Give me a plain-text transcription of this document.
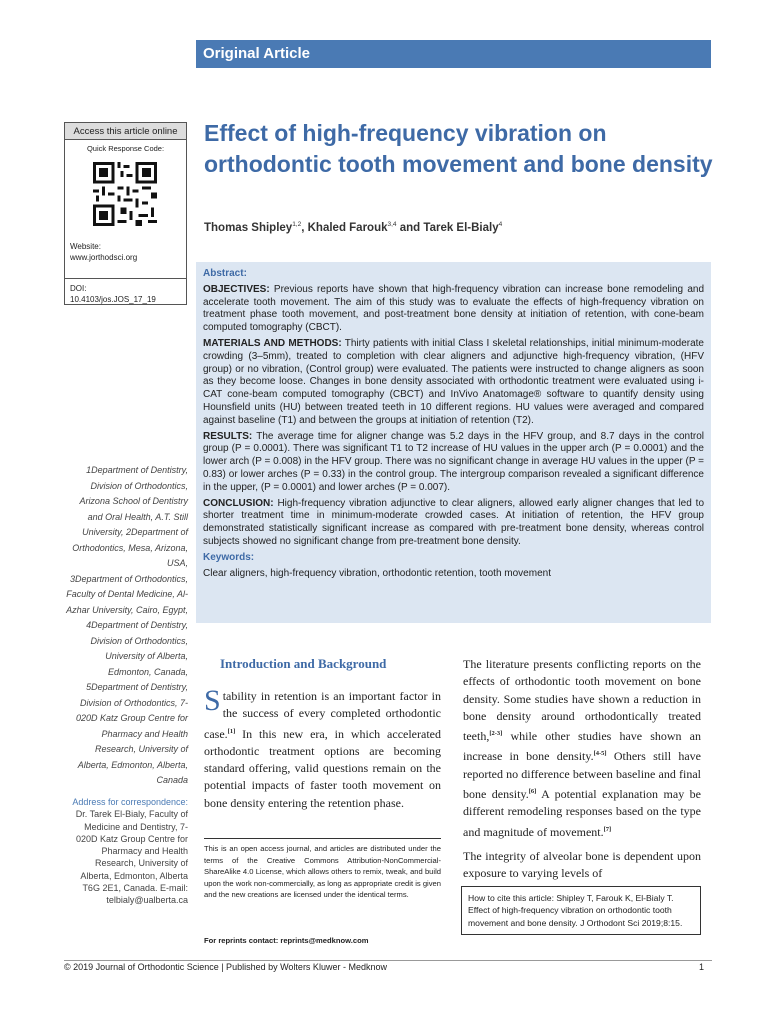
Original Article
Access this article online
Quick Response Code:
Website:
www.jorthodsci.org
DOI:
10.4103/jos.JOS_17_19
Effect of high-frequency vibration on orthodontic tooth movement and bone density
Thomas Shipley$^{1,2}$, Khaled Farouk$^{3,4}$ and Tarek El-Bialy$^4$

Abstract:

OBJECTIVES: Previous reports have shown that high-frequency vibration can increase bone remodeling and accelerate tooth movement. The aim of this study was to evaluate the effects of high-frequency vibration on treatment phase tooth movement, and post-treatment bone density at initiation of retention, with cone-beam computed tomography (CBCT).

MATERIALS AND METHODS: Thirty patients with initial Class I skeletal relationships, initial minimum-moderate crowding (3–5mm), treated to completion with clear aligners and adjunctive high-frequency vibration, (HFV group) or no vibration, (Control group) were evaluated. The patients were instructed to change aligners as soon as they become loose. Changes in bone density associated with orthodontic treatment were evaluated using i-CAT cone-beam computed tomography (CBCT) and InVivo Anatomage® software to quantify density using Hounsfield units (HU) between treated teeth in 10 different regions. HU values were averaged and compared against baseline (T1) and between the groups at initiation of retention (T2).

RESULTS: The average time for aligner change was 5.2 days in the HFV group, and 8.7 days in the control group (P = 0.0001). There was significant T1 to T2 increase of HU values in the upper arch (P = 0.0001) and the lower arch (P = 0.008) in the HFV group. There was no significant change in average HU values in the upper (P = 0.83) or lower arches (P = 0.33) in the control group. The intergroup comparison revealed a significant difference in the upper, (P = 0.0001) and lower arches (P = 0.007).

CONCLUSION: High-frequency vibration adjunctive to clear aligners, allowed early aligner changes that led to shorter treatment time in minimum-moderate crowded cases. At initiation of retention, the HFV group demonstrated statistically significant increase as compared with pre-treatment bone density, whereas control subjects showed no significant change from pre-treatment bone density.

Keywords:

Clear aligners, high-frequency vibration, orthodontic retention, tooth movement

1Department of Dentistry, Division of Orthodontics, Arizona School of Dentistry and Oral Health, A.T. Still University, 2Department of Orthodontics, Mesa, Arizona, USA,
3Department of Orthodontics, Faculty of Dental Medicine, Al-Azhar University, Cairo, Egypt,
4Department of Dentistry, Division of Orthodontics, University of Alberta, Edmonton, Canada,
5Department of Dentistry, Division of Orthodontics, 7-020D Katz Group Centre for Pharmacy and Health Research, University of Alberta, Edmonton, Alberta, Canada
Address for correspondence:
Dr. Tarek El-Bialy, Faculty of Medicine and Dentistry, 7-020D Katz Group Centre for Pharmacy and Health Research, University of Alberta, Edmonton, Alberta T6G 2E1, Canada. E-mail: telbialy@ualberta.ca
Introduction and Background
Stability in retention is an important factor in the success of every completed orthodontic case.[1] In this new era, in which accelerated orthodontic treatment options are becoming standard offering, valid questions remain on the potential impacts of faster tooth movement on bone density entering the retention phase.

The literature presents conflicting reports on the effects of orthodontic tooth movement on bone density. Some studies have shown a reduction in bone density around orthodontically treated teeth,[2-3] while other studies have shown an increase in bone density.[4-5] Others still have reported no difference between baseline and final bone density.[6] A potential explanation may be different remodeling responses based on the type and magnitude of movement.[7]

The integrity of alveolar bone is dependent upon exposure to varying levels of

This is an open access journal, and articles are distributed under the terms of the Creative Commons Attribution-NonCommercial-ShareAlike 4.0 License, which allows others to remix, tweak, and build upon the work non-commercially, as long as appropriate credit is given and the new creations are licensed under the identical terms.
For reprints contact: reprints@medknow.com
How to cite this article: Shipley T, Farouk K, El-Bialy T. Effect of high-frequency vibration on orthodontic tooth movement and bone density. J Orthodont Sci 2019;8:15.
© 2019 Journal of Orthodontic Science | Published by Wolters Kluwer - Medknow	1
